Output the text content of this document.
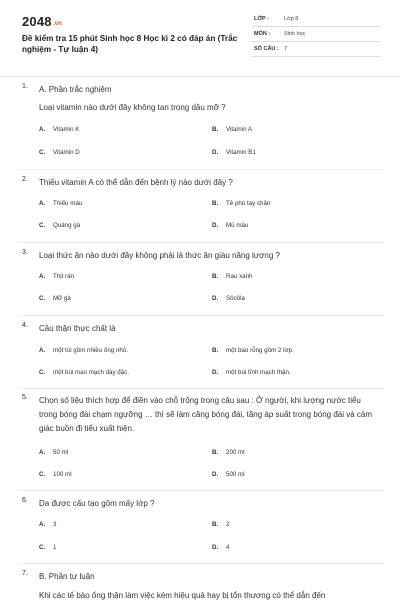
2048.vn
Đề kiểm tra 15 phút Sinh học 8 Học kì 2 có đáp án (Trắc nghiệm - Tự luận 4)
LỚP :	Lớp 8
MÔN :	Sinh học
SỐ CÂU : 7
1. A. Phần trắc nghiệm
Loại vitamin nào dưới đây không tan trong dầu mỡ ?
A. Vitamin K	B. Vitamin A
C. Vitamin D	D. Vitamin B1
2. Thiếu vitamin A có thể dẫn đến bệnh lý nào dưới đây ?
A. Thiếu máu	B. Tê phù tay chân
C. Quáng gà	D. Mù màu
3. Loại thức ăn nào dưới đây không phải là thức ăn giàu năng lượng ?
A. Thịt rán	B. Rau xanh
C. Mỡ gà	D. Sôcôla
4. Cầu thận thực chất là
A. một túi gồm nhiều ống nhỏ.	B. một bao rỗng gồm 2 lớp.
C. một búi mao mạch dày đặc.	D. một búi tĩnh mạch thận.
5. Chọn số liệu thích hợp để điền vào chỗ trống trong câu sau : Ở người, khi lượng nước tiểu trong bóng đái chạm ngưỡng … thì sẽ làm căng bóng đái, tăng áp suất trong bóng đái và cảm giác buồn đi tiểu xuất hiện.
A. 50 ml	B. 200 ml
C. 100 ml	D. 500 ml
6. Da được cấu tạo gồm mấy lớp ?
A. 3	B. 2
C. 1	D. 4
7. B. Phần tự luận
Khi các tế bào ống thận làm việc kém hiệu quả hay bị tổn thương có thể dẫn đến
